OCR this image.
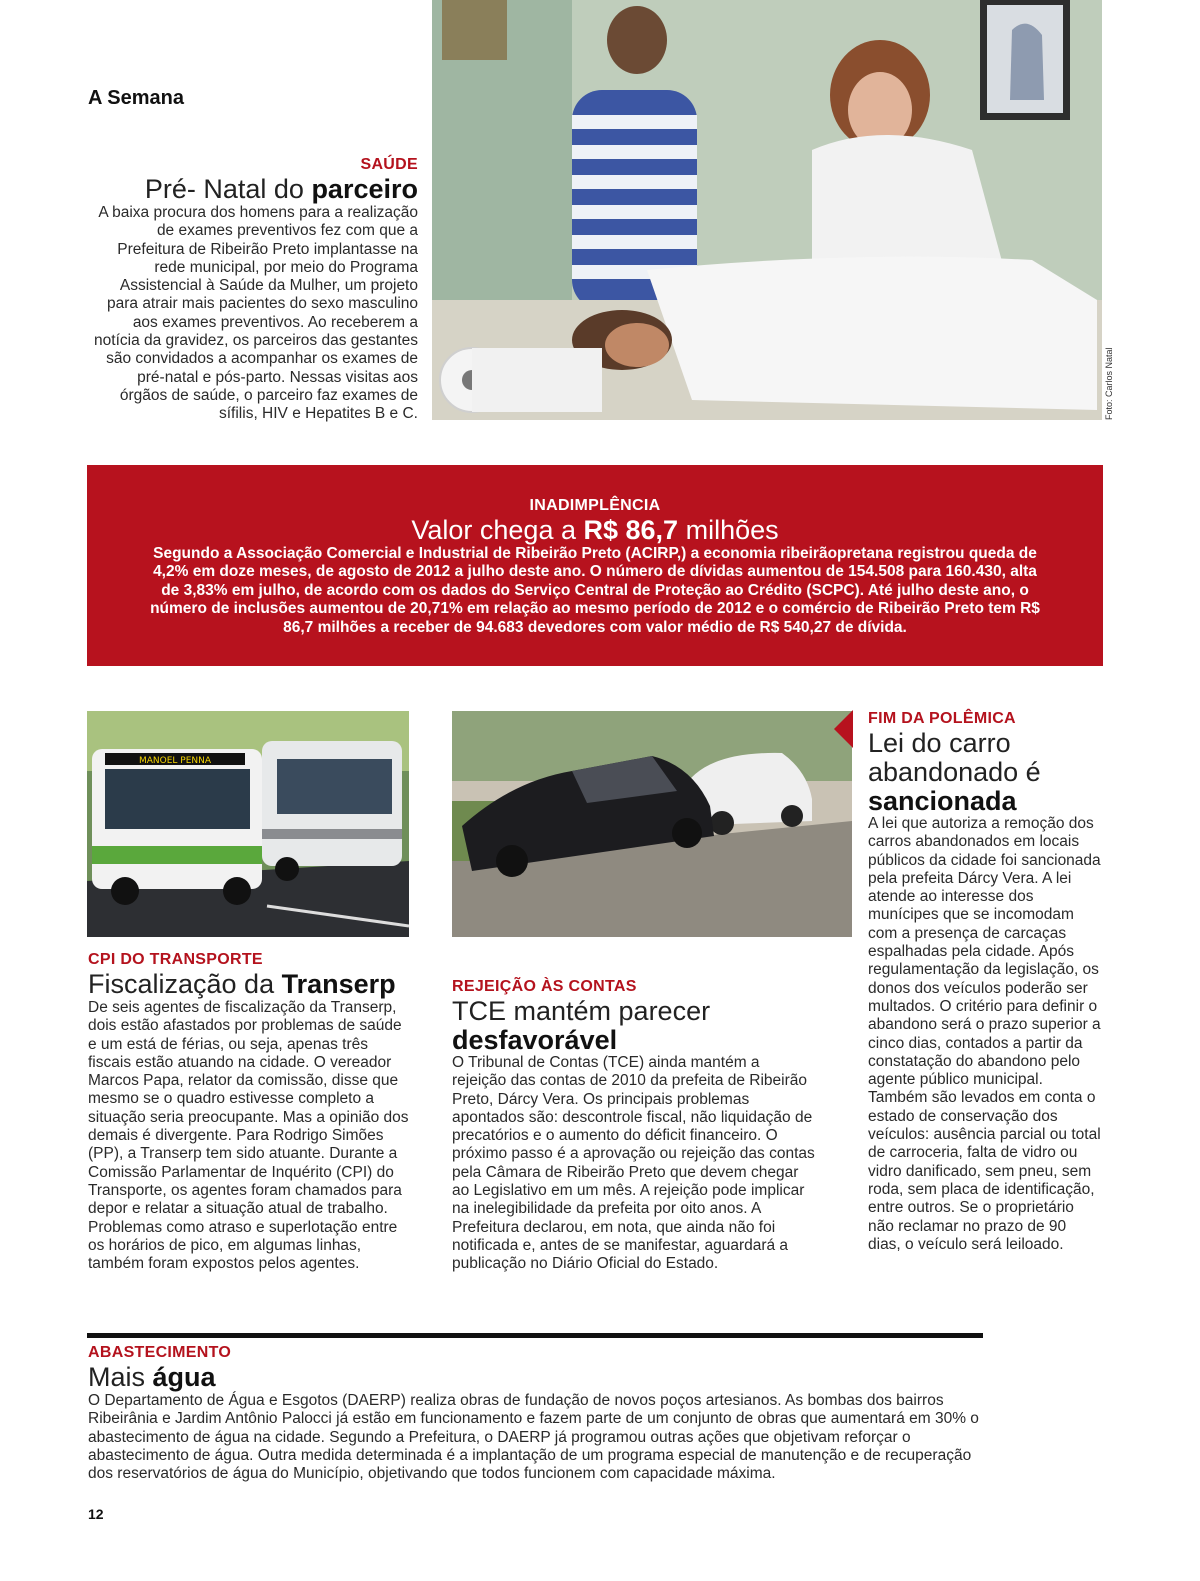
A Semana
Foto: Carlos Natal
SAÚDE
Pré- Natal do parceiro
A baixa procura dos homens para a realização de exames preventivos fez com que a Prefeitura de Ribeirão Preto implantasse na rede municipal, por meio do Programa Assistencial à Saúde da Mulher, um projeto para atrair mais pacientes do sexo masculino aos exames preventivos. Ao receberem a notícia da gravidez, os parceiros das gestantes são convidados a acompanhar os exames de pré-natal e pós-parto. Nessas visitas aos órgãos de saúde, o parceiro faz exames de sífilis, HIV e Hepatites B e C.
INADIMPLÊNCIA
Valor chega a R$ 86,7 milhões
Segundo a Associação Comercial e Industrial de Ribeirão Preto (ACIRP,) a economia ribeirãopretana registrou queda de 4,2% em doze meses, de agosto de 2012 a julho deste ano. O número de dívidas aumentou de 154.508 para 160.430, alta de 3,83% em julho, de acordo com os dados do Serviço Central de Proteção ao Crédito (SCPC). Até julho deste ano, o número de inclusões aumentou de 20,71% em relação ao mesmo período de 2012 e o comércio de Ribeirão Preto tem R$ 86,7 milhões a receber de 94.683 devedores com valor médio de R$ 540,27 de dívida.
MANOEL PENNA
CPI DO TRANSPORTE
Fiscalização da Transerp
De seis agentes de fiscalização da Transerp, dois estão afastados por problemas de saúde e um está de férias, ou seja, apenas três fiscais estão atuando na cidade. O vereador Marcos Papa, relator da comissão, disse que mesmo se o quadro estivesse completo a situação seria preocupante. Mas a opinião dos demais é divergente. Para Rodrigo Simões (PP), a Transerp tem sido atuante. Durante a Comissão Parlamentar de Inquérito (CPI) do Transporte, os agentes foram chamados para depor e relatar a situação atual de trabalho. Problemas como atraso e superlotação entre os horários de pico, em algumas linhas, também foram expostos pelos agentes.
REJEIÇÃO ÀS CONTAS
TCE mantém parecer
desfavorável
O Tribunal de Contas (TCE) ainda mantém a rejeição das contas de 2010 da prefeita de Ribeirão Preto, Dárcy Vera. Os principais problemas apontados são: descontrole fiscal, não liquidação de precatórios e o aumento do déficit financeiro. O próximo passo é a aprovação ou rejeição das contas pela Câmara de Ribeirão Preto que devem chegar ao Legislativo em um mês. A rejeição pode implicar na inelegibilidade da prefeita por oito anos. A Prefeitura declarou, em nota, que ainda não foi notificada e, antes de se manifestar, aguardará a publicação no Diário Oficial do Estado.
FIM DA POLÊMICA
Lei do carro abandonado é
sancionada
A lei que autoriza a remoção dos carros abandonados em locais públicos da cidade foi sancionada pela prefeita Dárcy Vera. A lei atende ao interesse dos munícipes que se incomodam com a presença de carcaças espalhadas pela cidade. Após regulamentação da legislação, os donos dos veículos poderão ser multados. O critério para definir o abandono será o prazo superior a cinco dias, contados a partir da constatação do abandono pelo agente público municipal. Também são levados em conta o estado de conservação dos veículos: ausência parcial ou total de carroceria, falta de vidro ou vidro danificado, sem pneu, sem roda, sem placa de identificação, entre outros. Se o proprietário não reclamar no prazo de 90 dias, o veículo será leiloado.
ABASTECIMENTO
Mais água
O Departamento de Água e Esgotos (DAERP) realiza obras de fundação de novos poços artesianos. As bombas dos bairros Ribeirânia e Jardim Antônio Palocci já estão em funcionamento e fazem parte de um conjunto de obras que aumentará em 30% o abastecimento de água na cidade. Segundo a Prefeitura, o DAERP já programou outras ações que objetivam reforçar o abastecimento de água. Outra medida determinada é a implantação de um programa especial de manutenção e de recuperação dos reservatórios de água do Município, objetivando que todos funcionem com capacidade máxima.
12
